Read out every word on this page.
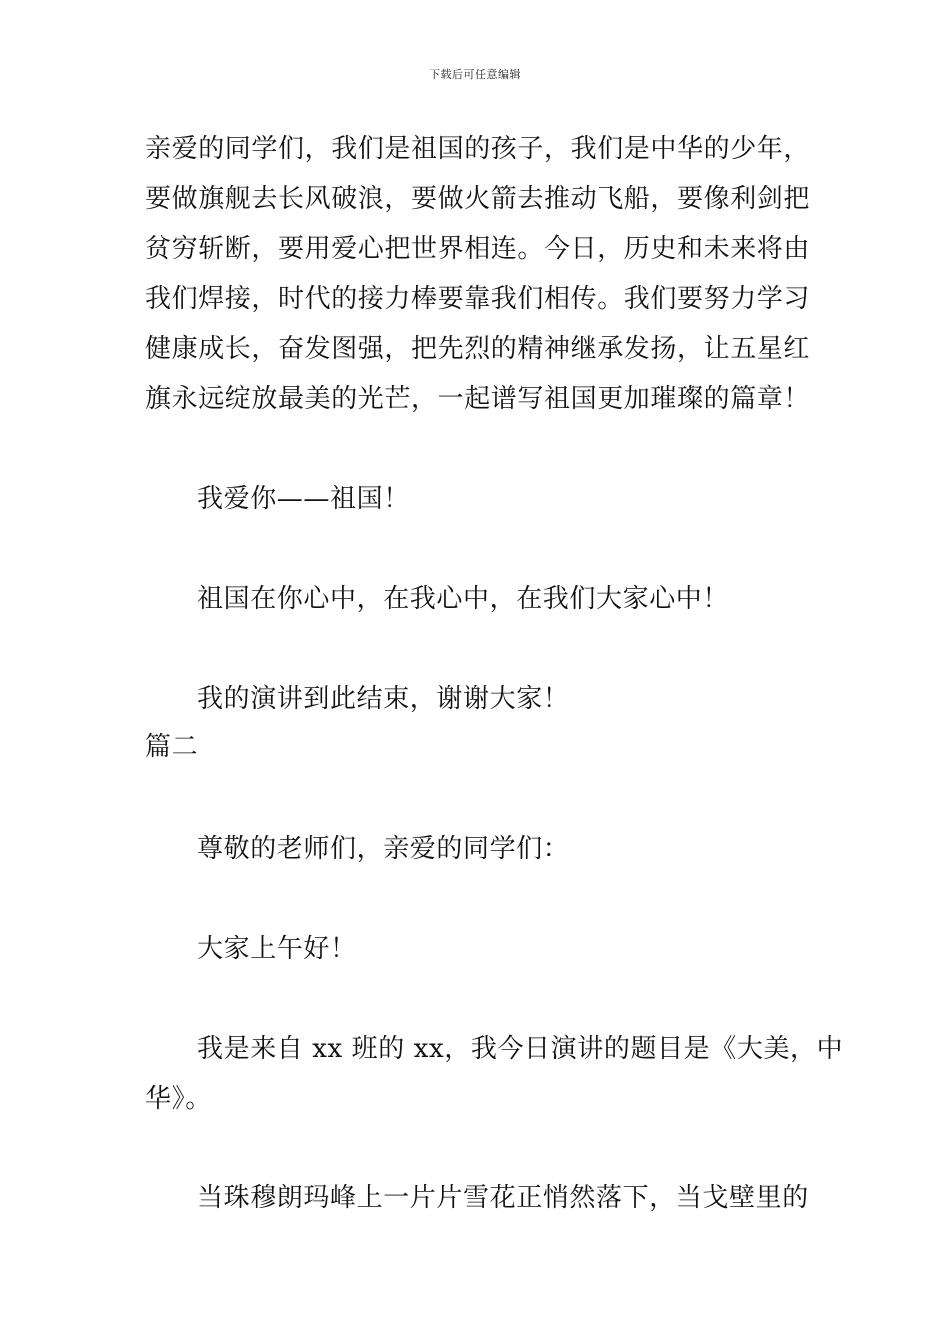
下载后可任意编辑
亲爱的同学们，我们是祖国的孩子，我们是中华的少年，
要做旗舰去长风破浪，要做火箭去推动飞船，要像利剑把
贫穷斩断，要用爱心把世界相连。今日，历史和未来将由
我们焊接，时代的接力棒要靠我们相传。我们要努力学习
健康成长，奋发图强，把先烈的精神继承发扬，让五星红
旗永远绽放最美的光芒，一起谱写祖国更加璀璨的篇章！
我爱你——祖国！
祖国在你心中，在我心中，在我们大家心中！
我的演讲到此结束，谢谢大家！
篇二
尊敬的老师们，亲爱的同学们：
大家上午好！
我是来自 xx 班的 xx，我今日演讲的题目是《大美，中
华》。
当珠穆朗玛峰上一片片雪花正悄然落下，当戈壁里的
